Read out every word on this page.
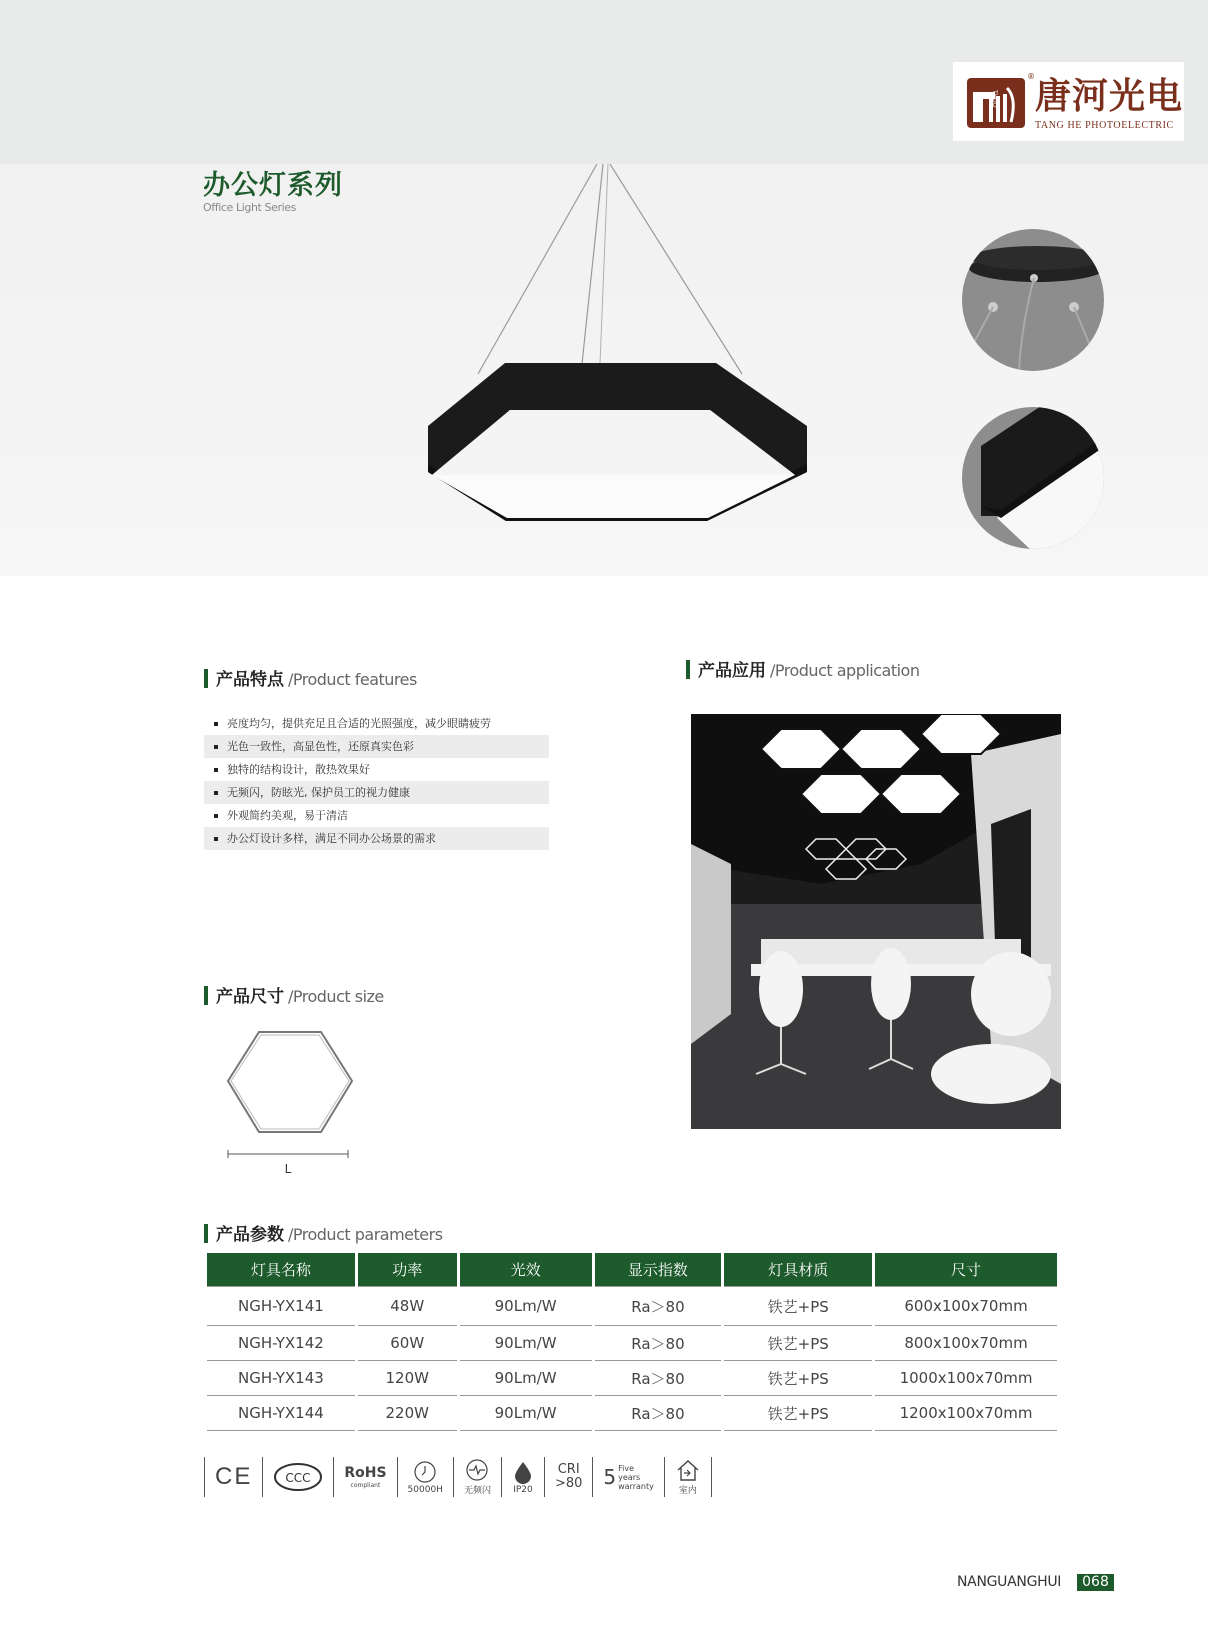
THGD
® 唐河光电
TANG HE PHOTOELECTRIC
办公灯系列
Office Light Series
产品特点 /Product features
亮度均匀，提供充足且合适的光照强度，减少眼睛疲劳
光色一致性，高显色性，还原真实色彩
独特的结构设计，散热效果好
无频闪，防眩光, 保护员工的视力健康
外观简约美观，易于清洁
办公灯设计多样，满足不同办公场景的需求
产品应用 /Product application
产品尺寸 /Product size
L
产品参数 /Product parameters
灯具名称	功率	光效	显示指数	灯具材质	尺寸
NGH-YX141	48W	90Lm/W	Ra＞80	铁艺+PS	600x100x70mm
NGH-YX142	60W	90Lm/W	Ra＞80	铁艺+PS	800x100x70mm
NGH-YX143	120W	90Lm/W	Ra＞80	铁艺+PS	1000x100x70mm
NGH-YX144	220W	90Lm/W	Ra＞80	铁艺+PS	1200x100x70mm
CE	CCC RoHS
compliant	50000H 无频闪 IP20
CRI
>80 5 Five
years
warranty	室内
NANGUANGHUI	068
